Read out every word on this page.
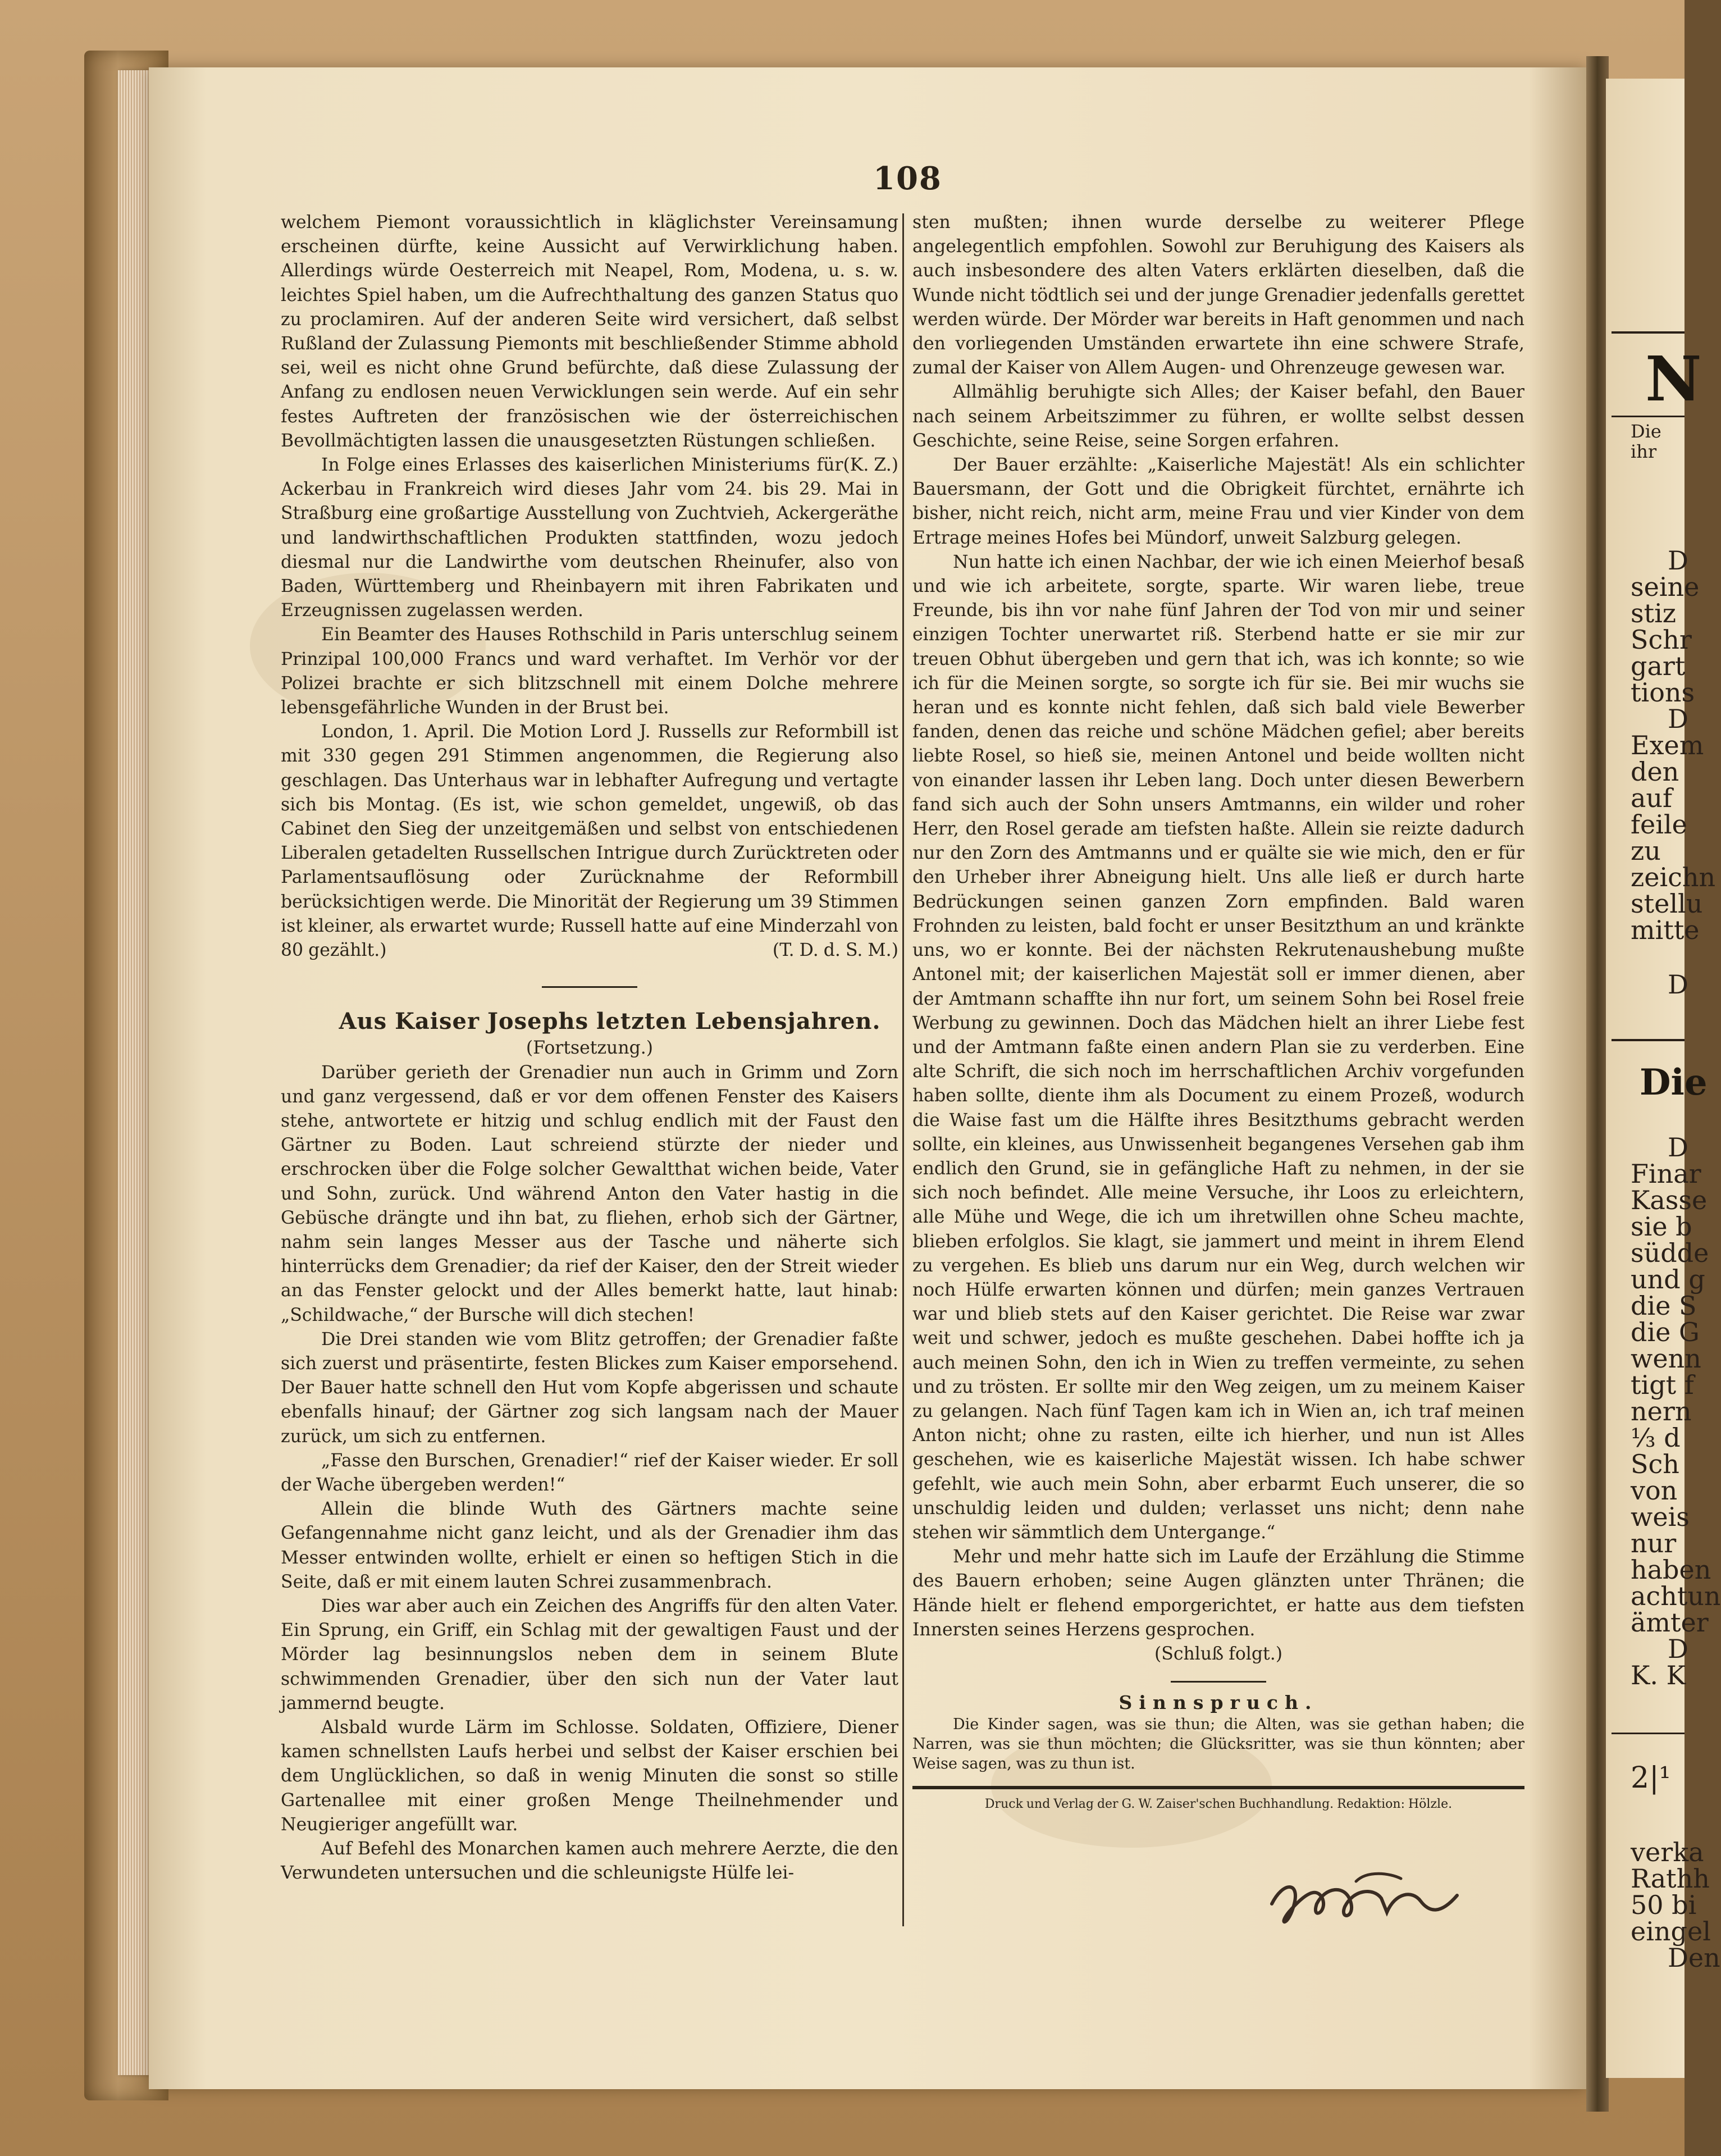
108

welchem Piemont voraussichtlich in kläglichster Vereinsamung erscheinen dürfte, keine Aussicht auf Verwirklichung haben. Allerdings würde Oesterreich mit Neapel, Rom, Modena, u. s. w. leichtes Spiel haben, um die Aufrechthaltung des ganzen Status quo zu proclamiren. Auf der anderen Seite wird versichert, daß selbst Rußland der Zulassung Piemonts mit beschließender Stimme abhold sei, weil es nicht ohne Grund befürchte, daß diese Zulassung der Anfang zu endlosen neuen Verwicklungen sein werde. Auf ein sehr festes Auftreten der französischen wie der österreichischen Bevollmächtigten lassen die unausgesetzten Rüstungen schließen.
(K. Z.)

In Folge eines Erlasses des kaiserlichen Ministeriums für Ackerbau in Frankreich wird dieses Jahr vom 24. bis 29. Mai in Straßburg eine großartige Ausstellung von Zuchtvieh, Ackergeräthe und landwirthschaftlichen Produkten stattfinden, wozu jedoch diesmal nur die Landwirthe vom deutschen Rheinufer, also von Baden, Württemberg und Rheinbayern mit ihren Fabrikaten und Erzeugnissen zugelassen werden.

Ein Beamter des Hauses Rothschild in Paris unterschlug seinem Prinzipal 100,000 Francs und ward verhaftet. Im Verhör vor der Polizei brachte er sich blitzschnell mit einem Dolche mehrere lebensgefährliche Wunden in der Brust bei.

London, 1. April. Die Motion Lord J. Russells zur Reformbill ist mit 330 gegen 291 Stimmen angenommen, die Regierung also geschlagen. Das Unterhaus war in lebhafter Aufregung und vertagte sich bis Montag. (Es ist, wie schon gemeldet, ungewiß, ob das Cabinet den Sieg der unzeitgemäßen und selbst von entschiedenen Liberalen getadelten Russellschen Intrigue durch Zurücktreten oder Parlamentsauflösung oder Zurücknahme der Reformbill berücksichtigen werde. Die Minorität der Regierung um 39 Stimmen ist kleiner, als erwartet wurde; Russell hatte auf eine Minderzahl von 80 gezählt.)	(T. D. d. S. M.)

Aus Kaiser Josephs letzten Lebensjahren.

(Fortsetzung.)

Darüber gerieth der Grenadier nun auch in Grimm und Zorn und ganz vergessend, daß er vor dem offenen Fenster des Kaisers stehe, antwortete er hitzig und schlug endlich mit der Faust den Gärtner zu Boden. Laut schreiend stürzte der nieder und erschrocken über die Folge solcher Gewaltthat wichen beide, Vater und Sohn, zurück. Und während Anton den Vater hastig in die Gebüsche drängte und ihn bat, zu fliehen, erhob sich der Gärtner, nahm sein langes Messer aus der Tasche und näherte sich hinterrücks dem Grenadier; da rief der Kaiser, den der Streit wieder an das Fenster gelockt und der Alles bemerkt hatte, laut hinab: „Schildwache,“ der Bursche will dich stechen!

Die Drei standen wie vom Blitz getroffen; der Grenadier faßte sich zuerst und präsentirte, festen Blickes zum Kaiser emporsehend. Der Bauer hatte schnell den Hut vom Kopfe abgerissen und schaute ebenfalls hinauf; der Gärtner zog sich langsam nach der Mauer zurück, um sich zu entfernen.

„Fasse den Burschen, Grenadier!“ rief der Kaiser wieder. Er soll der Wache übergeben werden!“

Allein die blinde Wuth des Gärtners machte seine Gefangennahme nicht ganz leicht, und als der Grenadier ihm das Messer entwinden wollte, erhielt er einen so heftigen Stich in die Seite, daß er mit einem lauten Schrei zusammenbrach.

Dies war aber auch ein Zeichen des Angriffs für den alten Vater. Ein Sprung, ein Griff, ein Schlag mit der gewaltigen Faust und der Mörder lag besinnungslos neben dem in seinem Blute schwimmenden Grenadier, über den sich nun der Vater laut jammernd beugte.

Alsbald wurde Lärm im Schlosse. Soldaten, Offiziere, Diener kamen schnellsten Laufs herbei und selbst der Kaiser erschien bei dem Unglücklichen, so daß in wenig Minuten die sonst so stille Gartenallee mit einer großen Menge Theilnehmender und Neugieriger angefüllt war.

Auf Befehl des Monarchen kamen auch mehrere Aerzte, die den Verwundeten untersuchen und die schleunigste Hülfe lei-

sten mußten; ihnen wurde derselbe zu weiterer Pflege angelegentlich empfohlen. Sowohl zur Beruhigung des Kaisers als auch insbesondere des alten Vaters erklärten dieselben, daß die Wunde nicht tödtlich sei und der junge Grenadier jedenfalls gerettet werden würde. Der Mörder war bereits in Haft genommen und nach den vorliegenden Umständen erwartete ihn eine schwere Strafe, zumal der Kaiser von Allem Augen- und Ohrenzeuge gewesen war.

Allmählig beruhigte sich Alles; der Kaiser befahl, den Bauer nach seinem Arbeitszimmer zu führen, er wollte selbst dessen Geschichte, seine Reise, seine Sorgen erfahren.

Der Bauer erzählte: „Kaiserliche Majestät! Als ein schlichter Bauersmann, der Gott und die Obrigkeit fürchtet, ernährte ich bisher, nicht reich, nicht arm, meine Frau und vier Kinder von dem Ertrage meines Hofes bei Mündorf, unweit Salzburg gelegen.

Nun hatte ich einen Nachbar, der wie ich einen Meierhof besaß und wie ich arbeitete, sorgte, sparte. Wir waren liebe, treue Freunde, bis ihn vor nahe fünf Jahren der Tod von mir und seiner einzigen Tochter unerwartet riß. Sterbend hatte er sie mir zur treuen Obhut übergeben und gern that ich, was ich konnte; so wie ich für die Meinen sorgte, so sorgte ich für sie. Bei mir wuchs sie heran und es konnte nicht fehlen, daß sich bald viele Bewerber fanden, denen das reiche und schöne Mädchen gefiel; aber bereits liebte Rosel, so hieß sie, meinen Antonel und beide wollten nicht von einander lassen ihr Leben lang. Doch unter diesen Bewerbern fand sich auch der Sohn unsers Amtmanns, ein wilder und roher Herr, den Rosel gerade am tiefsten haßte. Allein sie reizte dadurch nur den Zorn des Amtmanns und er quälte sie wie mich, den er für den Urheber ihrer Abneigung hielt. Uns alle ließ er durch harte Bedrückungen seinen ganzen Zorn empfinden. Bald waren Frohnden zu leisten, bald focht er unser Besitzthum an und kränkte uns, wo er konnte. Bei der nächsten Rekrutenaushebung mußte Antonel mit; der kaiserlichen Majestät soll er immer dienen, aber der Amtmann schaffte ihn nur fort, um seinem Sohn bei Rosel freie Werbung zu gewinnen. Doch das Mädchen hielt an ihrer Liebe fest und der Amtmann faßte einen andern Plan sie zu verderben. Eine alte Schrift, die sich noch im herrschaftlichen Archiv vorgefunden haben sollte, diente ihm als Document zu einem Prozeß, wodurch die Waise fast um die Hälfte ihres Besitzthums gebracht werden sollte, ein kleines, aus Unwissenheit begangenes Versehen gab ihm endlich den Grund, sie in gefängliche Haft zu nehmen, in der sie sich noch befindet. Alle meine Versuche, ihr Loos zu erleichtern, alle Mühe und Wege, die ich um ihretwillen ohne Scheu machte, blieben erfolglos. Sie klagt, sie jammert und meint in ihrem Elend zu vergehen. Es blieb uns darum nur ein Weg, durch welchen wir noch Hülfe erwarten können und dürfen; mein ganzes Vertrauen war und blieb stets auf den Kaiser gerichtet. Die Reise war zwar weit und schwer, jedoch es mußte geschehen. Dabei hoffte ich ja auch meinen Sohn, den ich in Wien zu treffen vermeinte, zu sehen und zu trösten. Er sollte mir den Weg zeigen, um zu meinem Kaiser zu gelangen. Nach fünf Tagen kam ich in Wien an, ich traf meinen Anton nicht; ohne zu rasten, eilte ich hierher, und nun ist Alles geschehen, wie es kaiserliche Majestät wissen. Ich habe schwer gefehlt, wie auch mein Sohn, aber erbarmt Euch unserer, die so unschuldig leiden und dulden; verlasset uns nicht; denn nahe stehen wir sämmtlich dem Untergange.“

Mehr und mehr hatte sich im Laufe der Erzählung die Stimme des Bauern erhoben; seine Augen glänzten unter Thränen; die Hände hielt er flehend emporgerichtet, er hatte aus dem tiefsten Innersten seines Herzens gesprochen.

(Schluß folgt.)

Sinnspruch.

Die Kinder sagen, was sie thun; die Alten, was sie gethan haben; die Narren, was sie thun möchten; die Glücksritter, was sie thun könnten; aber Weise sagen, was zu thun ist.

Druck und Verlag der G. W. Zaiser'schen Buchhandlung. Redaktion: Hölzle.

N
Die
ihr
D
seine
stiz
Schr
gart
tions
D
Exem
den
auf
feile
zu
zeichn
stellu
mitte
D
Die
D
Finar
Kasse
sie b
südde
und g
die S
die G
wenn
tigt f
nern
⅓ d
Sch
von
weis
nur
haben
achtun
ämter
D
K. K
2|¹
verka
Rathh
50 bi
eingel
Den
